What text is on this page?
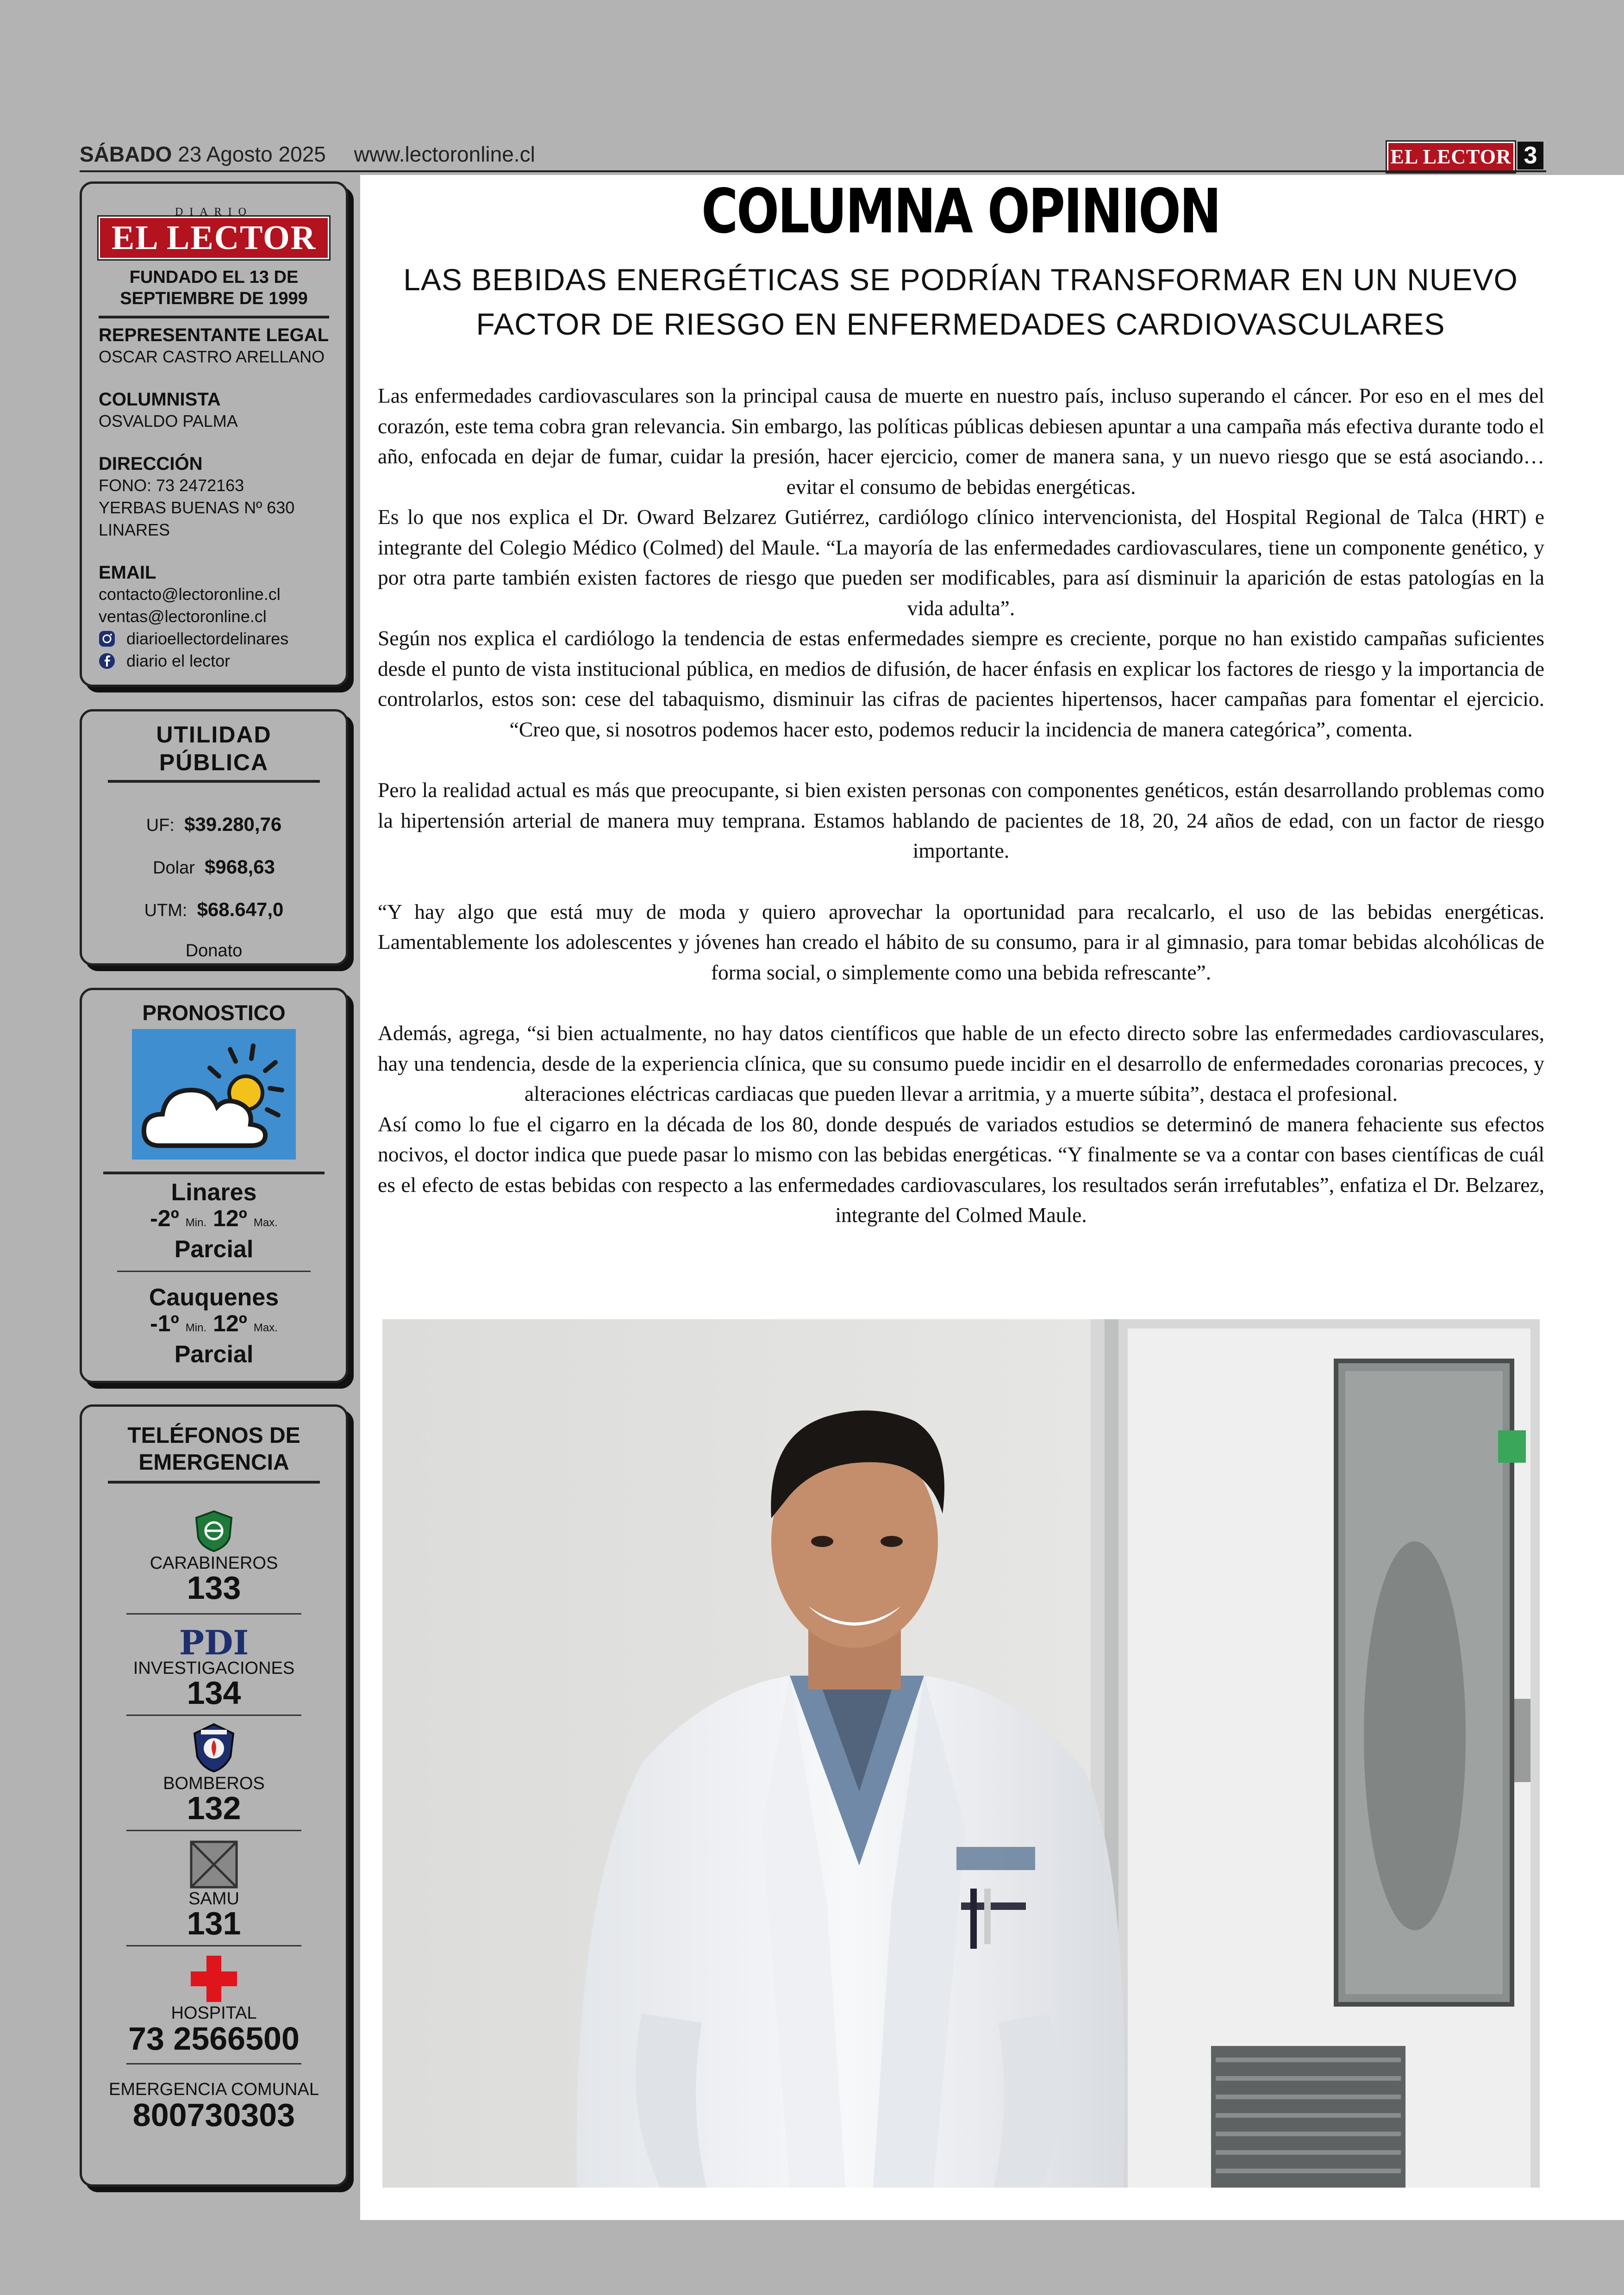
SÁBADO 23 Agosto 2025 www.lectoronline.cl	EL LECTOR 3
DIARIO
EL LECTOR
FUNDADO EL 13 DE SEPTIEMBRE DE 1999
REPRESENTANTE LEGAL
OSCAR CASTRO ARELLANO
COLUMNISTA
OSVALDO PALMA
DIRECCIÓN
FONO: 73 2472163
YERBAS BUENAS Nº 630
LINARES
EMAIL
contacto@lectoronline.cl
ventas@lectoronline.cl
diarioellectordelinares
diario el lector
UTILIDAD PÚBLICA
UF: $39.280,76
Dolar $968,63
UTM: $68.647,0
Donato
PRONOSTICO
Linares
-2º Min. 12º Max.
Parcial
Cauquenes
-1º Min. 12º Max.
Parcial
TELÉFONOS DE EMERGENCIA
CARABINEROS
133
PDI
INVESTIGACIONES
134
BOMBEROS
132
SAMU
131
HOSPITAL
73 2566500
EMERGENCIA COMUNAL
800730303
COLUMNA OPINION
LAS BEBIDAS ENERGÉTICAS SE PODRÍAN TRANSFORMAR EN UN NUEVO FACTOR DE RIESGO EN ENFERMEDADES CARDIOVASCULARES

Las enfermedades cardiovasculares son la principal causa de muerte en nuestro país, incluso superando el cáncer. Por eso en el mes del corazón, este tema cobra gran relevancia. Sin embargo, las políticas públicas debiesen apuntar a una campaña más efectiva durante todo el año, enfocada en dejar de fumar, cuidar la presión, hacer ejercicio, comer de manera sana, y un nuevo riesgo que se está asociando… evitar el consumo de bebidas energéticas.

Es lo que nos explica el Dr. Oward Belzarez Gutiérrez, cardiólogo clínico intervencionista, del Hospital Regional de Talca (HRT) e integrante del Colegio Médico (Colmed) del Maule. “La mayoría de las enfermedades cardiovasculares, tiene un componente genético, y por otra parte también existen factores de riesgo que pueden ser modificables, para así disminuir la aparición de estas patologías en la vida adulta”.

Según nos explica el cardiólogo la tendencia de estas enfermedades siempre es creciente, porque no han existido campañas suficientes desde el punto de vista institucional pública, en medios de difusión, de hacer énfasis en explicar los factores de riesgo y la importancia de controlarlos, estos son: cese del tabaquismo, disminuir las cifras de pacientes hipertensos, hacer campañas para fomentar el ejercicio. “Creo que, si nosotros podemos hacer esto, podemos reducir la incidencia de manera categórica”, comenta.

Pero la realidad actual es más que preocupante, si bien existen personas con componentes genéticos, están desarrollando problemas como la hipertensión arterial de manera muy temprana. Estamos hablando de pacientes de 18, 20, 24 años de edad, con un factor de riesgo importante.

“Y hay algo que está muy de moda y quiero aprovechar la oportunidad para recalcarlo, el uso de las bebidas energéticas. Lamentablemente los adolescentes y jóvenes han creado el hábito de su consumo, para ir al gimnasio, para tomar bebidas alcohólicas de forma social, o simplemente como una bebida refrescante”.

Además, agrega, “si bien actualmente, no hay datos científicos que hable de un efecto directo sobre las enfermedades cardiovasculares, hay una tendencia, desde de la experiencia clínica, que su consumo puede incidir en el desarrollo de enfermedades coronarias precoces, y alteraciones eléctricas cardiacas que pueden llevar a arritmia, y a muerte súbita”, destaca el profesional.

Así como lo fue el cigarro en la década de los 80, donde después de variados estudios se determinó de manera fehaciente sus efectos nocivos, el doctor indica que puede pasar lo mismo con las bebidas energéticas. “Y finalmente se va a contar con bases científicas de cuál es el efecto de estas bebidas con respecto a las enfermedades cardiovasculares, los resultados serán irrefutables”, enfatiza el Dr. Belzarez, integrante del Colmed Maule.
